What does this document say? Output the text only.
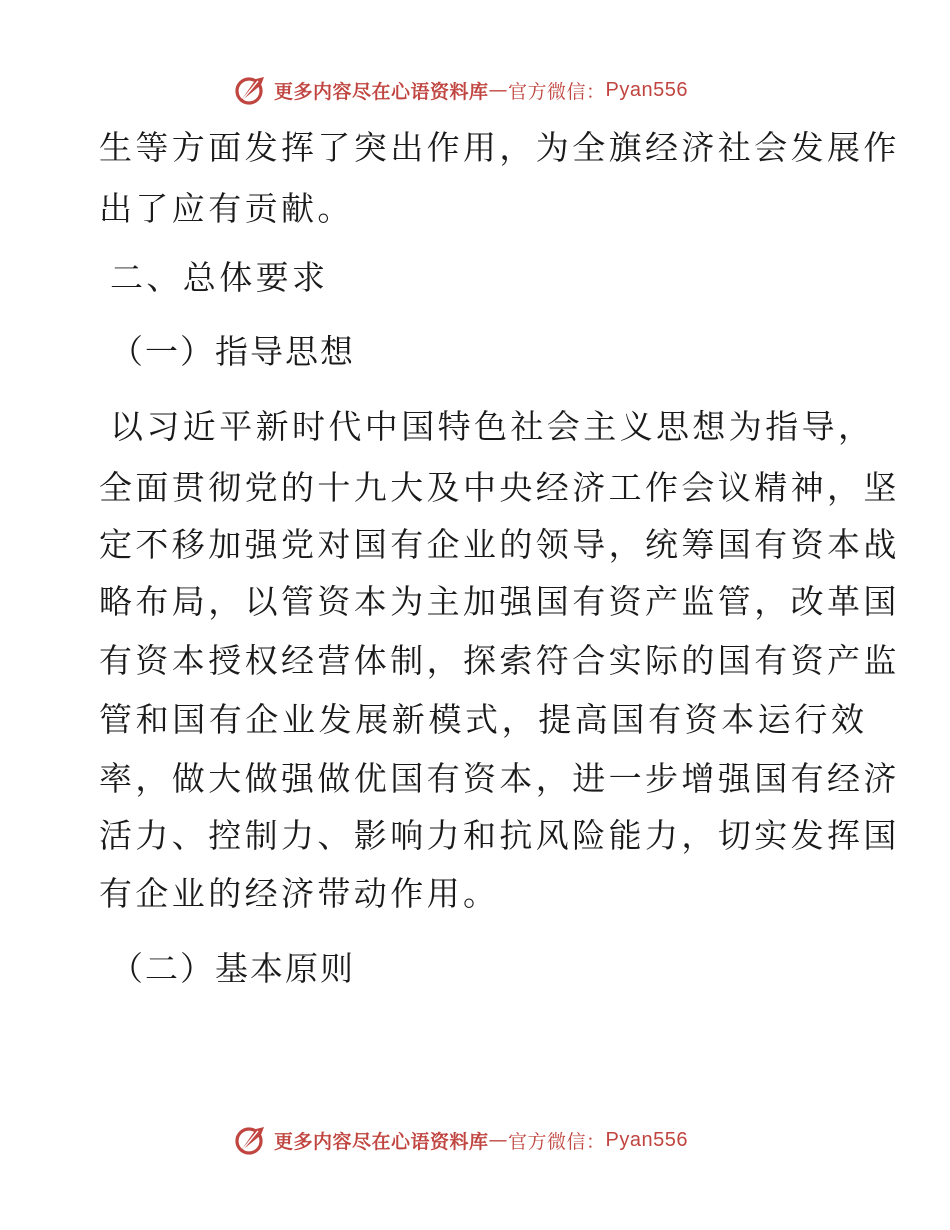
更多内容尽在心语资料库 — 官方微信： Pyan556
生等方面发挥了突出作用，为全旗经济社会发展作
出了应有贡献。
二、总体要求
（一）指导思想
以习近平新时代中国特色社会主义思想为指导，
全面贯彻党的十九大及中央经济工作会议精神，坚
定不移加强党对国有企业的领导，统筹国有资本战
略布局，以管资本为主加强国有资产监管，改革国
有资本授权经营体制，探索符合实际的国有资产监
管和国有企业发展新模式，提高国有资本运行效
率，做大做强做优国有资本，进一步增强国有经济
活力、控制力、影响力和抗风险能力，切实发挥国
有企业的经济带动作用。
（二）基本原则
更多内容尽在心语资料库 — 官方微信： Pyan556
